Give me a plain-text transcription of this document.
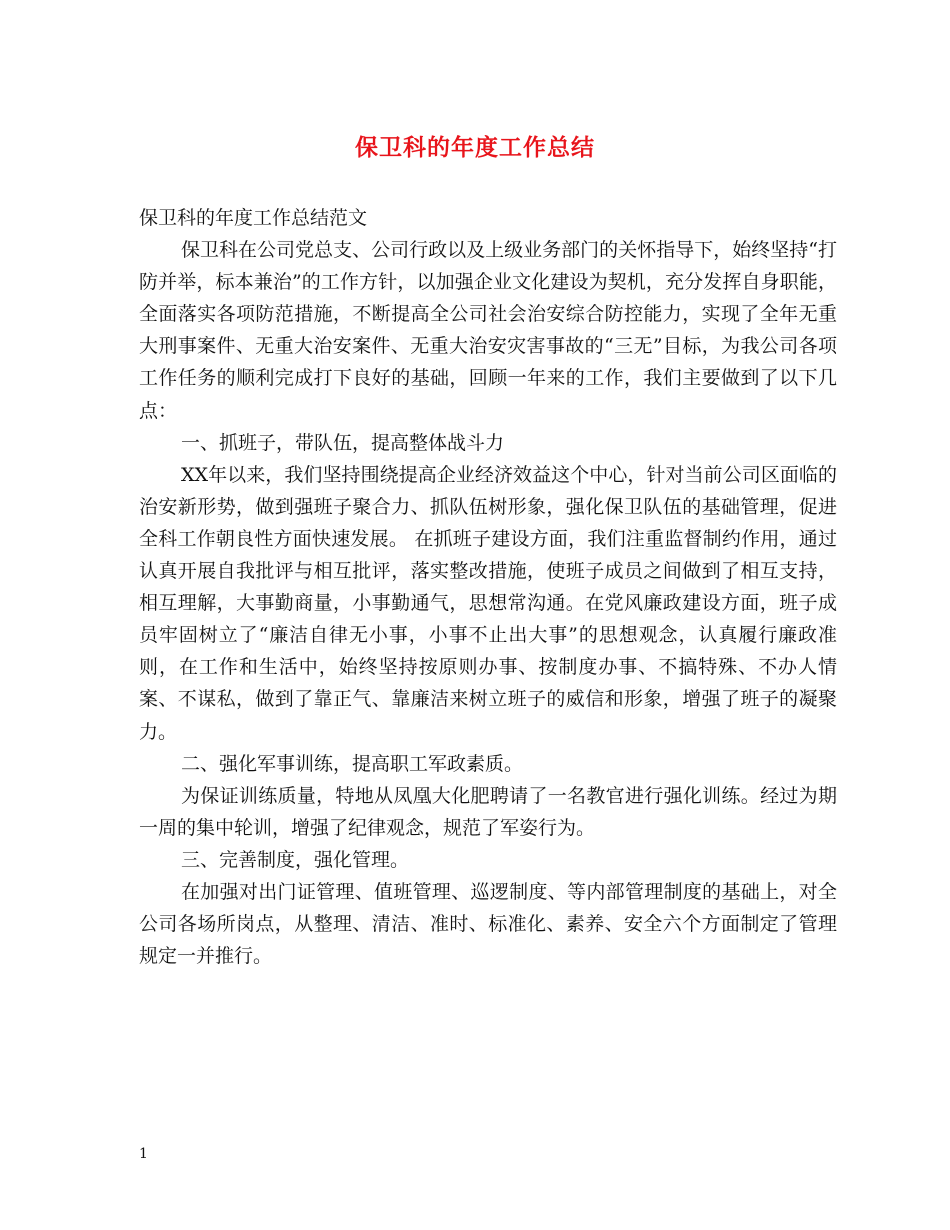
保卫科的年度工作总结

保卫科的年度工作总结范文

保卫科在公司党总支、公司行政以及上级业务部门的关怀指导下，始终坚持“打防并举，标本兼治”的工作方针，以加强企业文化建设为契机，充分发挥自身职能，全面落实各项防范措施，不断提高全公司社会治安综合防控能力，实现了全年无重大刑事案件、无重大治安案件、无重大治安灾害事故的“三无”目标，为我公司各项工作任务的顺利完成打下良好的基础，回顾一年来的工作，我们主要做到了以下几点：

一、抓班子，带队伍，提高整体战斗力

XX年以来，我们坚持围绕提高企业经济效益这个中心，针对当前公司区面临的治安新形势，做到强班子聚合力、抓队伍树形象，强化保卫队伍的基础管理，促进全科工作朝良性方面快速发展。 在抓班子建设方面，我们注重监督制约作用，通过认真开展自我批评与相互批评，落实整改措施，使班子成员之间做到了相互支持，相互理解，大事勤商量，小事勤通气，思想常沟通。在党风廉政建设方面，班子成员牢固树立了“廉洁自律无小事，小事不止出大事”的思想观念，认真履行廉政准则，在工作和生活中，始终坚持按原则办事、按制度办事、不搞特殊、不办人情案、不谋私，做到了靠正气、靠廉洁来树立班子的威信和形象，增强了班子的凝聚力。

二、强化军事训练，提高职工军政素质。

为保证训练质量，特地从凤凰大化肥聘请了一名教官进行强化训练。经过为期一周的集中轮训，增强了纪律观念，规范了军姿行为。

三、完善制度，强化管理。

在加强对出门证管理、值班管理、巡逻制度、等内部管理制度的基础上，对全公司各场所岗点，从整理、清洁、准时、标准化、素养、安全六个方面制定了管理规定一并推行。

1
